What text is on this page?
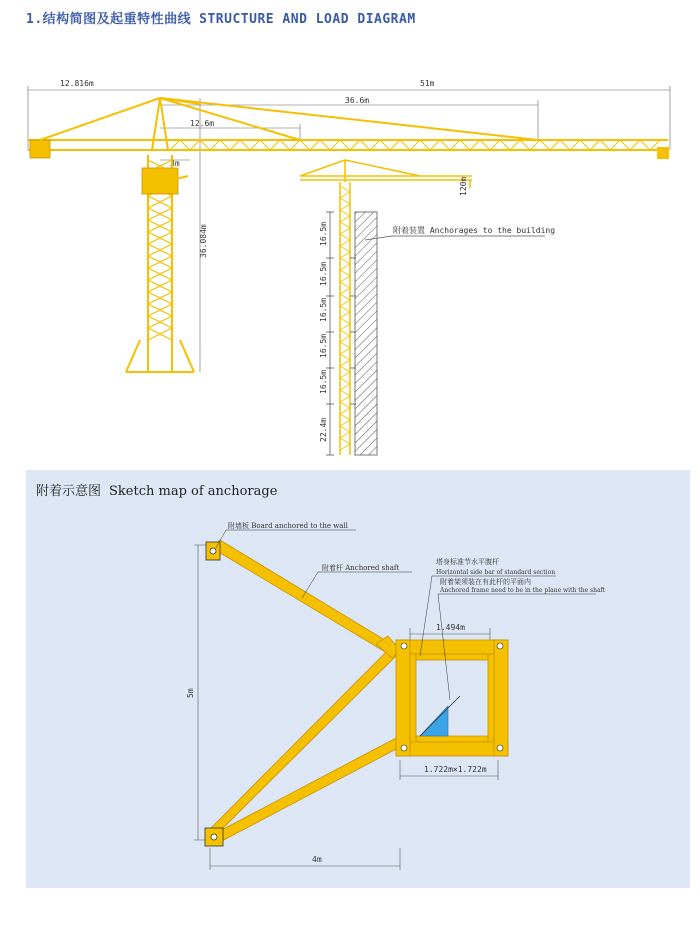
1.结构简图及起重特性曲线 STRUCTURE AND LOAD DIAGRAM
附着示意图 Sketch map of anchorage
12.816m	51m
36.6m
12.6m
3m
36.084m
120m
附着装置 Anchorages to the building
16.5m
16.5m
16.5m
16.5m
16.5m
22.4m
5m
4m
1.722m×1.722m
1.494m
附墙板 Board anchored to the wall
附着杆 Anchored shaft
塔身标准节水平腹杆
Horizontal side bar of standard section
附着架须装在有此杆的平面内
Anchored frame need to be in the plane with the shaft
